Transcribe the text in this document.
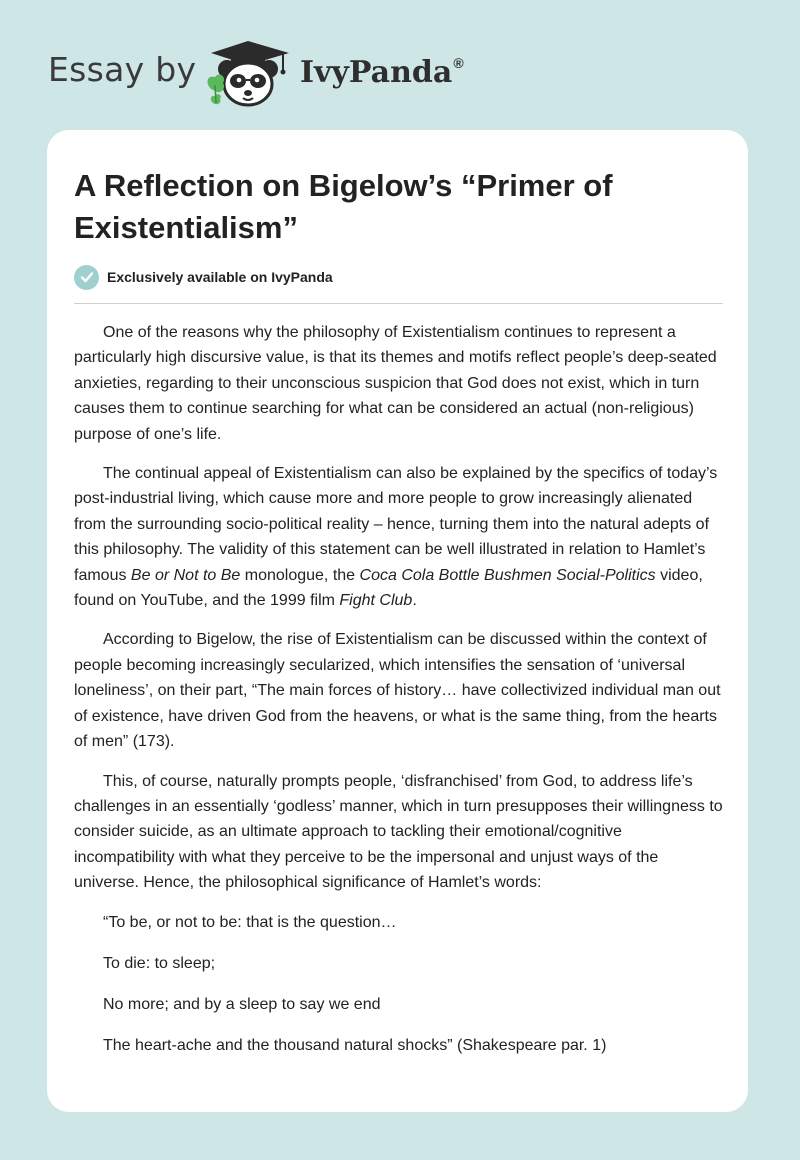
Essay by	IvyPanda®
A Reflection on Bigelow’s “Primer of Existentialism”
Exclusively available on IvyPanda

One of the reasons why the philosophy of Existentialism continues to represent a particularly high discursive value, is that its themes and motifs reflect people’s deep-seated anxieties, regarding to their unconscious suspicion that God does not exist, which in turn causes them to continue searching for what can be considered an actual (non-religious) purpose of one’s life.

The continual appeal of Existentialism can also be explained by the specifics of today’s post-industrial living, which cause more and more people to grow increasingly alienated from the surrounding socio-political reality – hence, turning them into the natural adepts of this philosophy. The validity of this statement can be well illustrated in relation to Hamlet’s famous Be or Not to Be monologue, the Coca Cola Bottle Bushmen Social-Politics video, found on YouTube, and the 1999 film Fight Club.

According to Bigelow, the rise of Existentialism can be discussed within the context of people becoming increasingly secularized, which intensifies the sensation of ‘universal loneliness’, on their part, “The main forces of history… have collectivized individual man out of existence, have driven God from the heavens, or what is the same thing, from the hearts of men” (173).

This, of course, naturally prompts people, ‘disfranchised’ from God, to address life’s challenges in an essentially ‘godless’ manner, which in turn presupposes their willingness to consider suicide, as an ultimate approach to tackling their emotional/cognitive incompatibility with what they perceive to be the impersonal and unjust ways of the universe. Hence, the philosophical significance of Hamlet’s words:

“To be, or not to be: that is the question…

To die: to sleep;

No more; and by a sleep to say we end

The heart-ache and the thousand natural shocks” (Shakespeare par. 1)
